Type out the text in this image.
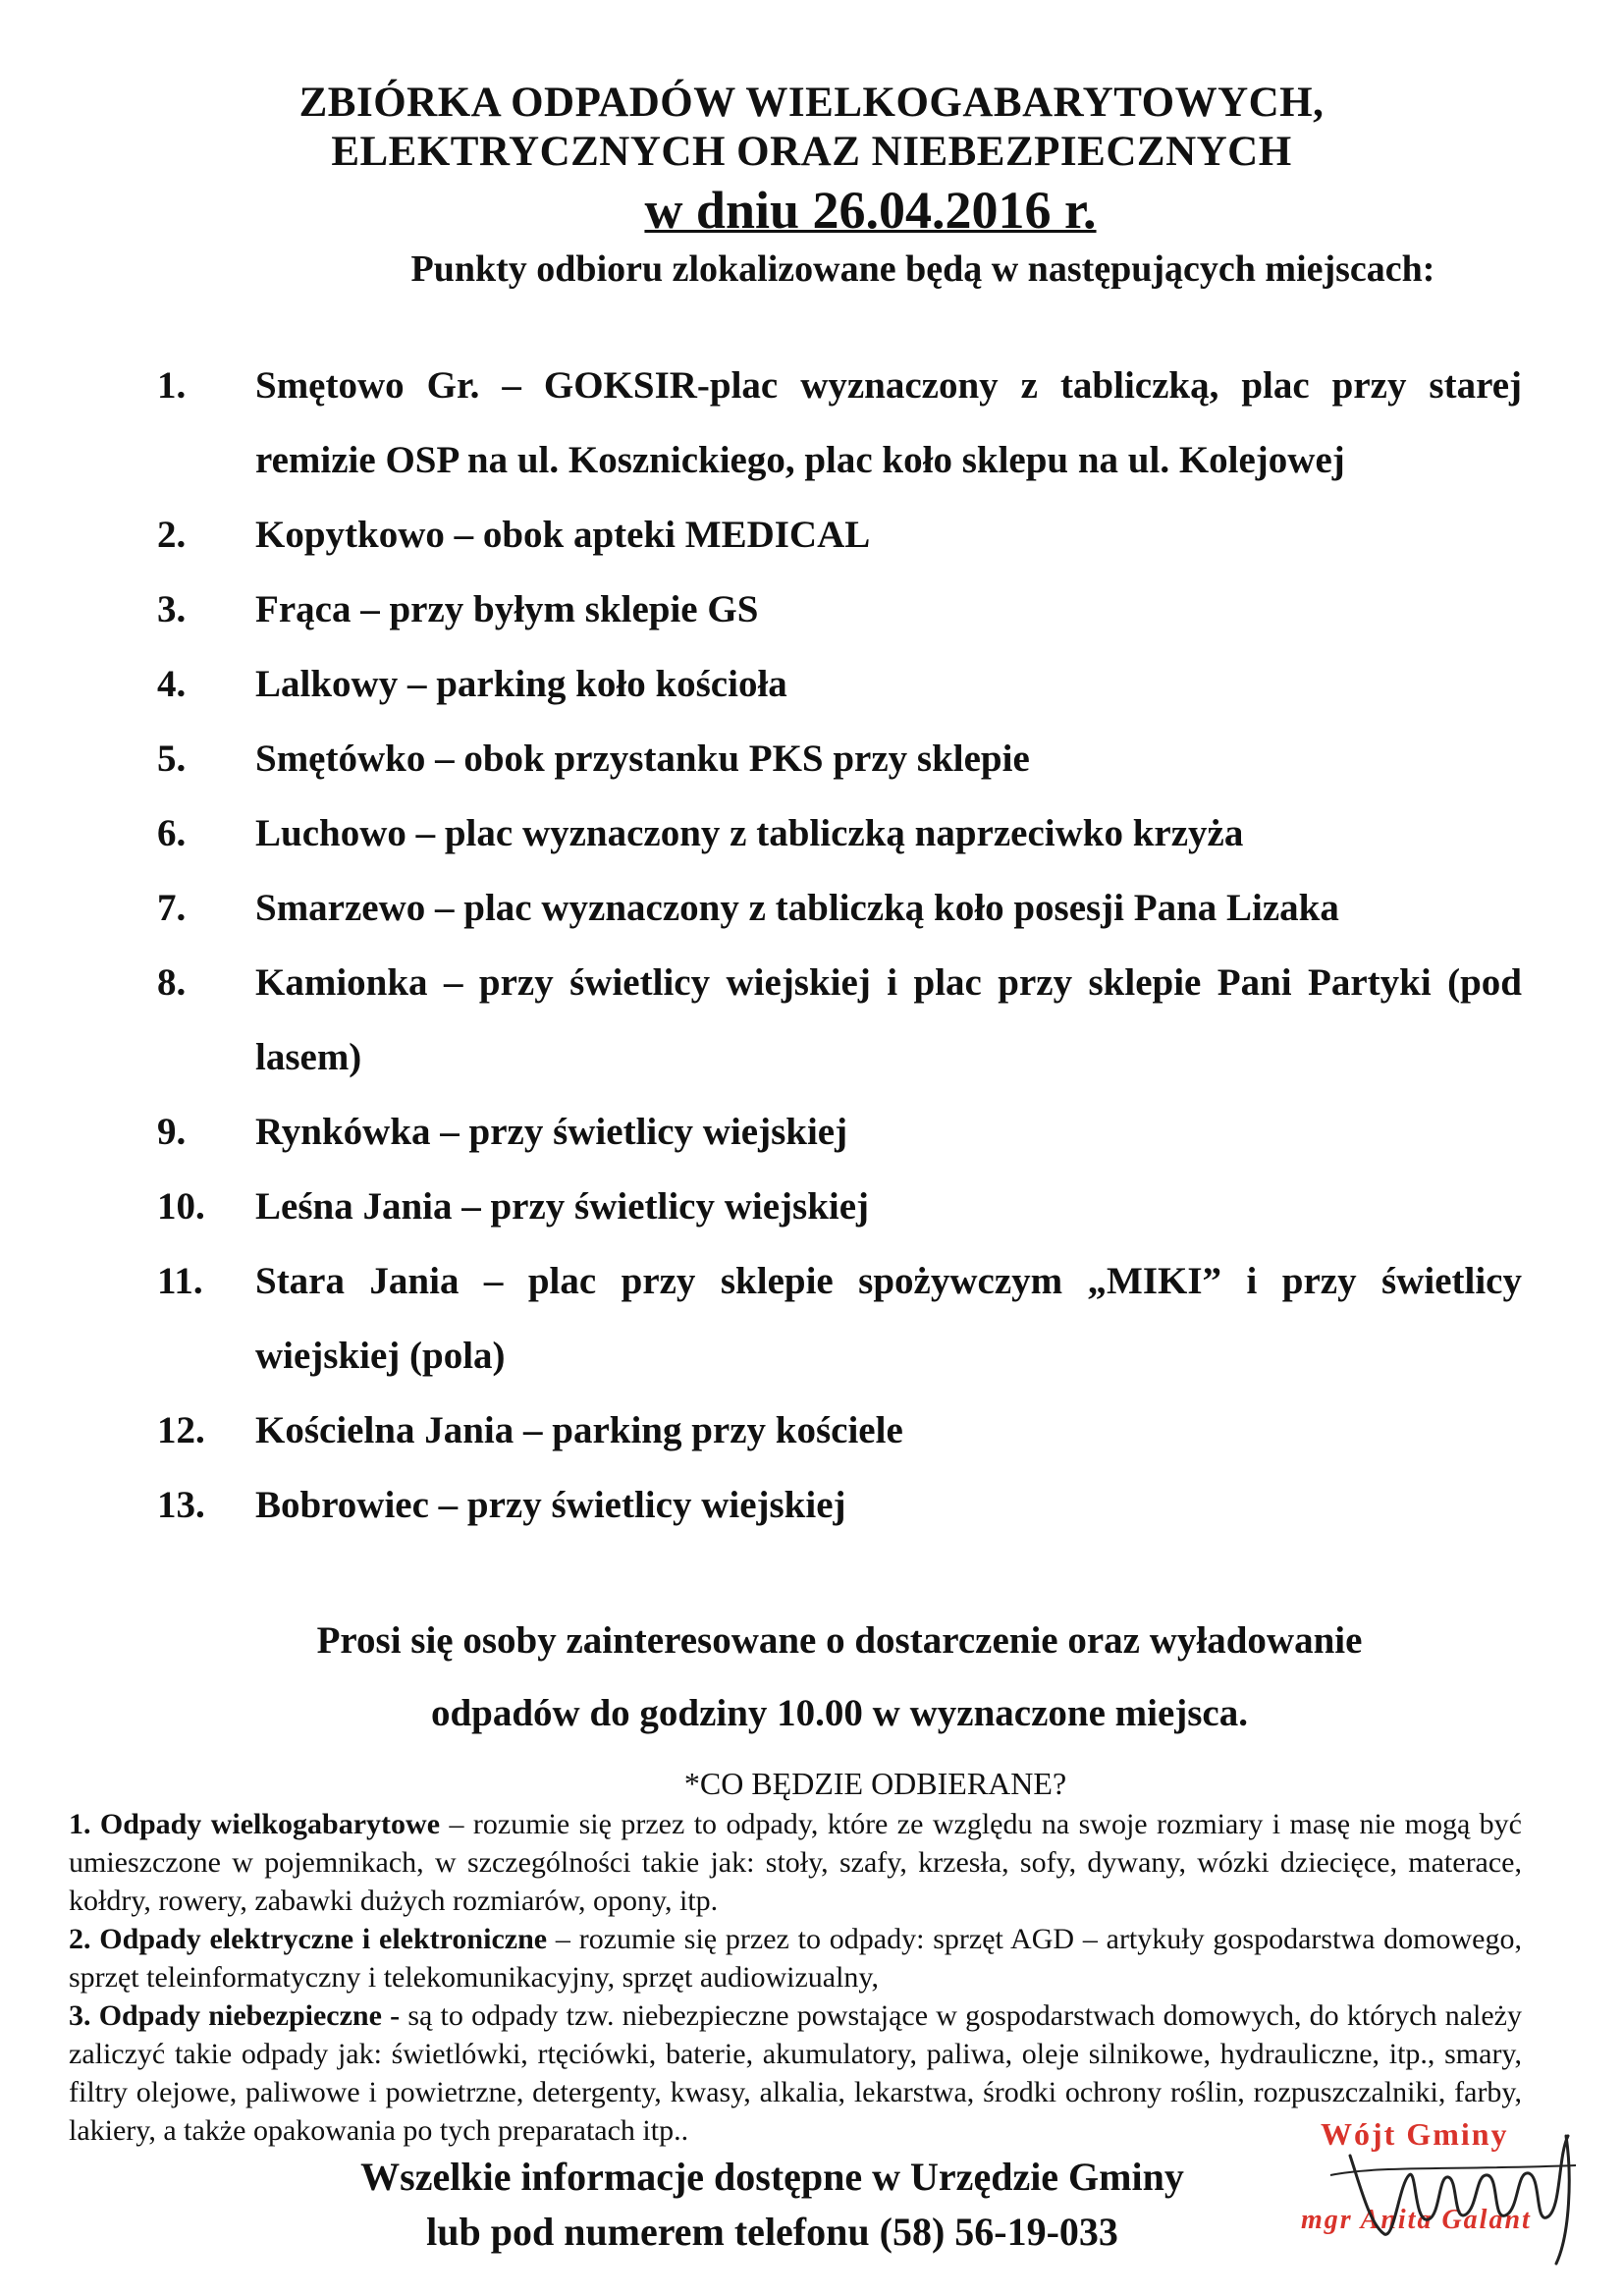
ZBIÓRKA ODPADÓW WIELKOGABARYTOWYCH,
ELEKTRYCZNYCH ORAZ NIEBEZPIECZNYCH
w dniu 26.04.2016 r.
Punkty odbioru zlokalizowane będą w następujących miejscach:
1.	Smętowo Gr. – GOKSIR-plac wyznaczony z tabliczką, plac przy starej remizie OSP na ul. Kosznickiego, plac koło sklepu na ul. Kolejowej
2.	Kopytkowo – obok apteki MEDICAL
3.	Frąca – przy byłym sklepie GS
4.	Lalkowy – parking koło kościoła
5.	Smętówko – obok przystanku PKS przy sklepie
6.	Luchowo – plac wyznaczony z tabliczką naprzeciwko krzyża
7.	Smarzewo – plac wyznaczony z tabliczką koło posesji Pana Lizaka
8.	Kamionka – przy świetlicy wiejskiej i plac przy sklepie Pani Partyki (pod lasem)
9.	Rynkówka – przy świetlicy wiejskiej
10.	Leśna Jania – przy świetlicy wiejskiej
11.	Stara Jania – plac przy sklepie spożywczym „MIKI” i przy świetlicy wiejskiej (pola)
12.	Kościelna Jania – parking przy kościele
13.	Bobrowiec – przy świetlicy wiejskiej
Prosi się osoby zainteresowane o dostarczenie oraz wyładowanie
odpadów do godziny 10.00 w wyznaczone miejsca.
*CO BĘDZIE ODBIERANE?

1. Odpady wielkogabarytowe – rozumie się przez to odpady, które ze względu na swoje rozmiary i masę nie mogą być umieszczone w pojemnikach, w szczególności takie jak: stoły, szafy, krzesła, sofy, dywany, wózki dziecięce, materace, kołdry, rowery, zabawki dużych rozmiarów, opony, itp.

2. Odpady elektryczne i elektroniczne – rozumie się przez to odpady: sprzęt AGD – artykuły gospodarstwa domowego, sprzęt teleinformatyczny i telekomunikacyjny, sprzęt audiowizualny,

3. Odpady niebezpieczne - są to odpady tzw. niebezpieczne powstające w gospodarstwach domowych, do których należy zaliczyć takie odpady jak: świetlówki, rtęciówki, baterie, akumulatory, paliwa, oleje silnikowe, hydrauliczne, itp., smary, filtry olejowe, paliwowe i powietrzne, detergenty, kwasy, alkalia, lekarstwa, środki ochrony roślin, rozpuszczalniki, farby, lakiery, a także opakowania po tych preparatach itp..

Wszelkie informacje dostępne w Urzędzie Gminy
lub pod numerem telefonu (58) 56-19-033
Wójt Gminy
mgr Anita Galant
